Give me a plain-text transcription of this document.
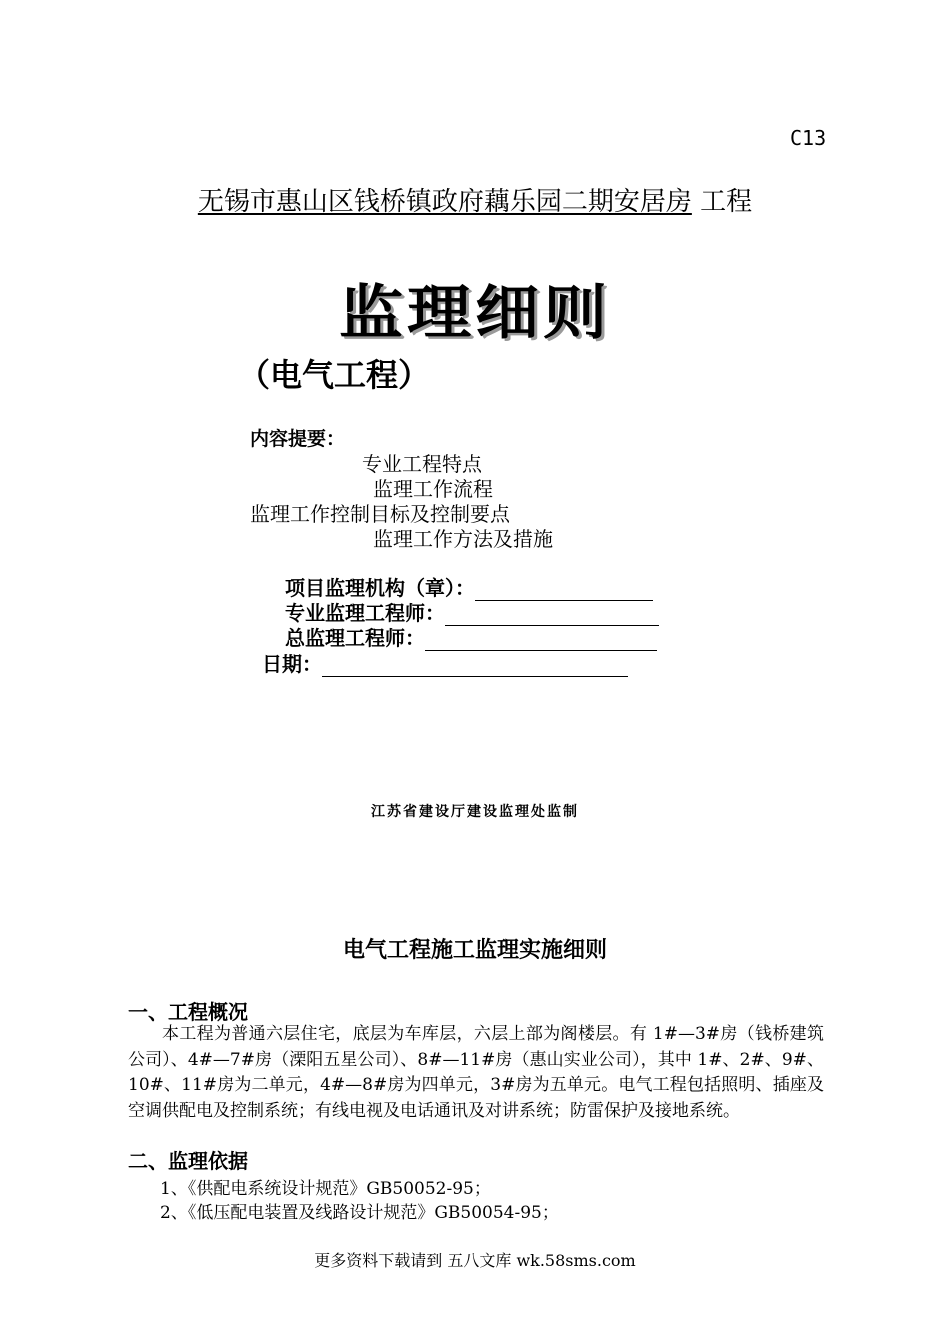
C13
无锡市惠山区钱桥镇政府藕乐园二期安居房 工程
监理细则
（电气工程）
内容提要：
专业工程特点
监理工作流程
监理工作控制目标及控制要点
监理工作方法及措施
项目监理机构（章）：
专业监理工程师：
总监理工程师：
日期：
江苏省建设厅建设监理处监制
电气工程施工监理实施细则
一、工程概况
本工程为普通六层住宅，底层为车库层，六层上部为阁楼层。有 1#—3#房（钱桥建筑公司）、4#—7#房（溧阳五星公司）、8#—11#房（惠山实业公司），其中 1#、2#、9#、10#、11#房为二单元，4#—8#房为四单元，3#房为五单元。电气工程包括照明、插座及空调供配电及控制系统；有线电视及电话通讯及对讲系统；防雷保护及接地系统。
二、监理依据
1、《供配电系统设计规范》GB50052-95；
2、《低压配电装置及线路设计规范》GB50054-95；
更多资料下载请到 五八文库 wk.58sms.com
